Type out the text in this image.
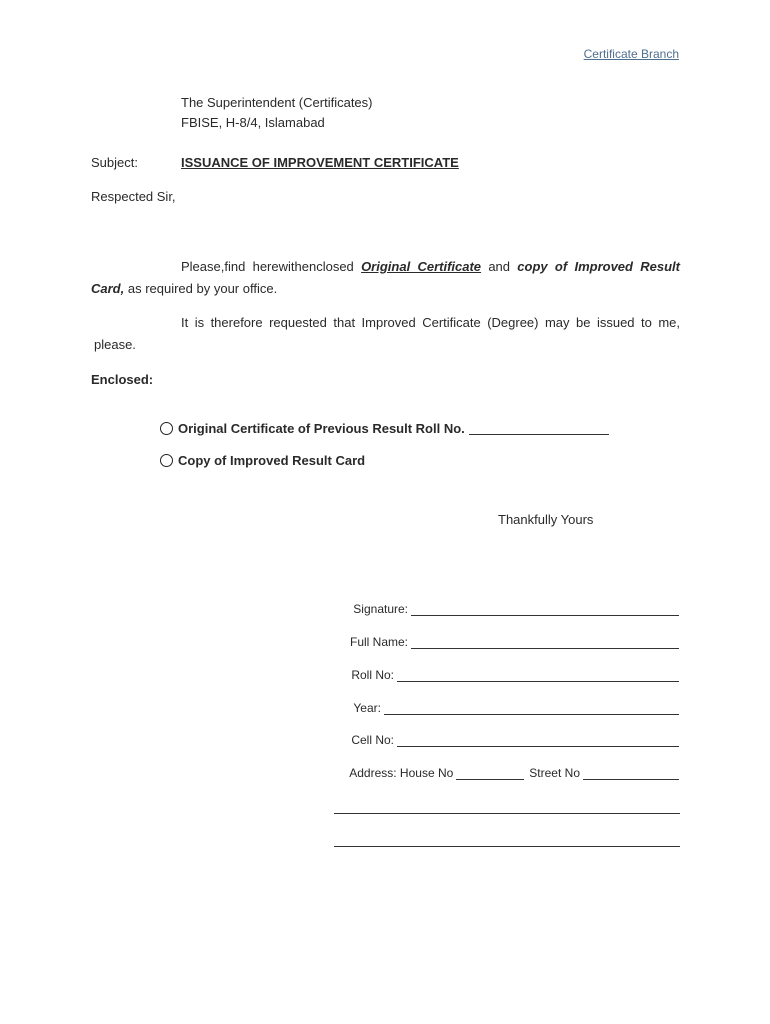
Certificate Branch
The Superintendent (Certificates)
FBISE, H-8/4, Islamabad
Subject:	ISSUANCE OF IMPROVEMENT CERTIFICATE
Respected Sir,
Please,find herewithenclosed Original Certificate and copy of Improved Result Card, as required by your office.
It is therefore requested that Improved Certificate (Degree) may be issued to me, please.
Enclosed:
Original Certificate of Previous Result Roll No.
Copy of Improved Result Card
Thankfully Yours
Signature:
Full Name:
Roll No:
Year:
Cell No:
Address: House No	Street No
